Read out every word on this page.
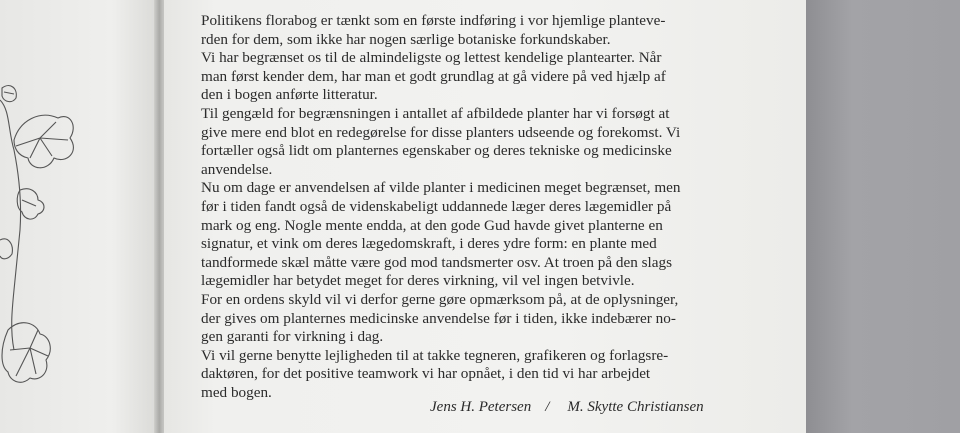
Politikens florabog er tænkt som en første indføring i vor hjemlige planteve-
rden for dem, som ikke har nogen særlige botaniske forkundskaber.
Vi har begrænset os til de almindeligste og lettest kendelige plantearter. Når
man først kender dem, har man et godt grundlag at gå videre på ved hjælp af
den i bogen anførte litteratur.
Til gengæld for begrænsningen i antallet af afbildede planter har vi forsøgt at
give mere end blot en redegørelse for disse planters udseende og forekomst. Vi
fortæller også lidt om planternes egenskaber og deres tekniske og medicinske
anvendelse.
Nu om dage er anvendelsen af vilde planter i medicinen meget begrænset, men
før i tiden fandt også de videnskabeligt uddannede læger deres lægemidler på
mark og eng. Nogle mente endda, at den gode Gud havde givet planterne en
signatur, et vink om deres lægedomskraft, i deres ydre form: en plante med
tandformede skæl måtte være god mod tandsmerter osv. At troen på den slags
lægemidler har betydet meget for deres virkning, vil vel ingen betvivle.
For en ordens skyld vil vi derfor gerne gøre opmærksom på, at de oplysninger,
der gives om planternes medicinske anvendelse før i tiden, ikke indebærer no-
gen garanti for virkning i dag.
Vi vil gerne benytte lejligheden til at takke tegneren, grafikeren og forlagsre-
daktøren, for det positive teamwork vi har opnået, i den tid vi har arbejdet
med bogen.
Jens H. Petersen / M. Skytte Christiansen
